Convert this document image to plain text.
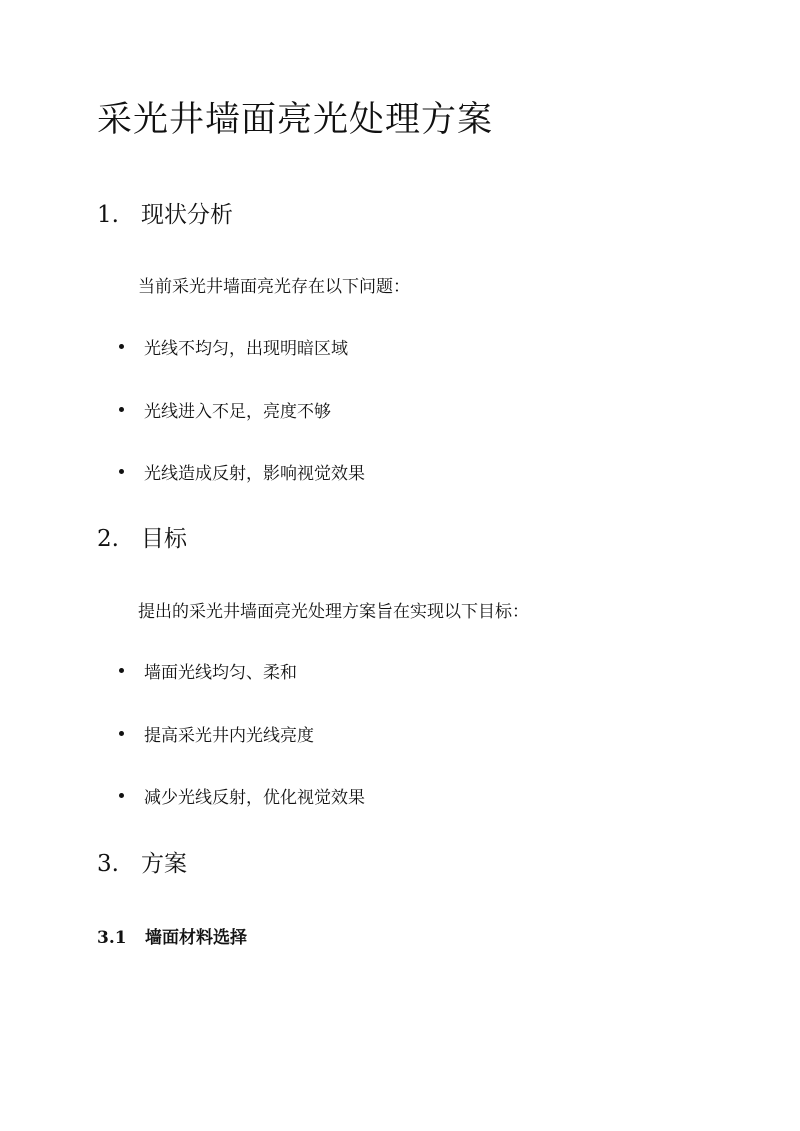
采光井墙面亮光处理方案
1. 现状分析

当前采光井墙面亮光存在以下问题：

光线不均匀，出现明暗区域
光线进入不足，亮度不够
光线造成反射，影响视觉效果
2. 目标

提出的采光井墙面亮光处理方案旨在实现以下目标：

墙面光线均匀、柔和
提高采光井内光线亮度
减少光线反射，优化视觉效果
3. 方案
3.1 墙面材料选择
